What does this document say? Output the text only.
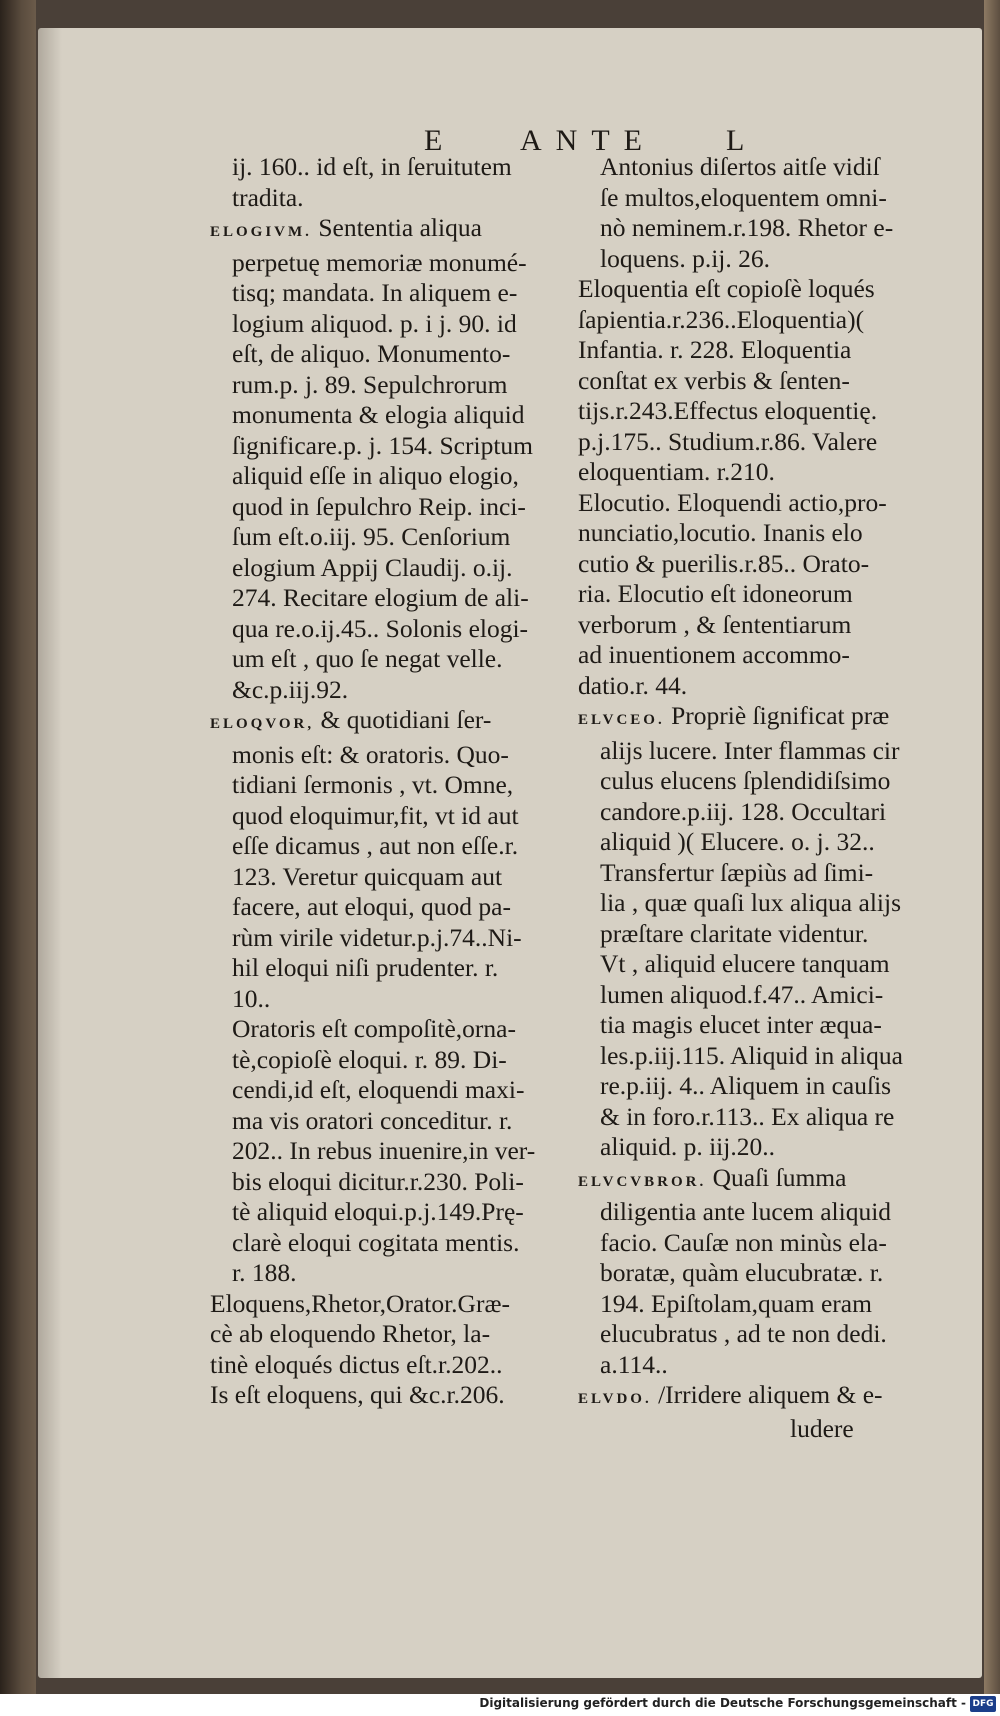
E	ANTE L
ij. 160.. id eſt, in ſeruitutem
tradita.
ELOGIVM. Sententia aliqua
perpetuę memoriæ monumé-
tisq; mandata. In aliquem e-
logium aliquod. p. i j. 90. id
eſt, de aliquo. Monumento-
rum.p. j. 89. Sepulchrorum
monumenta & elogia aliquid
ſignificare.p. j. 154. Scriptum
aliquid eſſe in aliquo elogio,
quod in ſepulchro Reip. inci-
ſum eſt.o.iij. 95. Cenſorium
elogium Appij Claudij. o.ij.
274. Recitare elogium de ali-
qua re.o.ij.45.. Solonis elogi-
um eſt , quo ſe negat velle.
&c.p.iij.92.
ELOQVOR, & quotidiani ſer-
monis eſt: & oratoris. Quo-
tidiani ſermonis , vt. Omne,
quod eloquimur,fit, vt id aut
eſſe dicamus , aut non eſſe.r.
123. Veretur quicquam aut
facere, aut eloqui, quod pa-
rùm virile videtur.p.j.74..Ni-
hil eloqui niſi prudenter. r.
10..
Oratoris eſt compoſitè,orna-
tè,copioſè eloqui. r. 89. Di-
cendi,id eſt, eloquendi maxi-
ma vis oratori conceditur. r.
202.. In rebus inuenire,in ver-
bis eloqui dicitur.r.230. Poli-
tè aliquid eloqui.p.j.149.Prę-
clarè eloqui cogitata mentis.
r. 188.
Eloquens,Rhetor,Orator.Græ-
cè ab eloquendo Rhetor, la-
tinè eloqués dictus eſt.r.202..
Is eſt eloquens, qui &c.r.206.
Antonius diſertos aitſe vidiſ
ſe multos,eloquentem omni-
nò neminem.r.198. Rhetor e-
loquens. p.ij. 26.
Eloquentia eſt copioſè loqués
ſapientia.r.236..Eloquentia)(
Infantia. r. 228. Eloquentia
conſtat ex verbis & ſenten-
tijs.r.243.Effectus eloquentię.
p.j.175.. Studium.r.86. Valere
eloquentiam. r.210.
Elocutio. Eloquendi actio,pro-
nunciatio,locutio. Inanis elo
cutio & puerilis.r.85.. Orato-
ria. Elocutio eſt idoneorum
verborum , & ſententiarum
ad inuentionem accommo-
datio.r. 44.
ELVCEO. Propriè ſignificat præ
alijs lucere. Inter flammas cir
culus elucens ſplendidiſsimo
candore.p.iij. 128. Occultari
aliquid )( Elucere. o. j. 32..
Transfertur ſæpiùs ad ſimi-
lia , quæ quaſi lux aliqua alijs
præſtare claritate videntur.
Vt , aliquid elucere tanquam
lumen aliquod.f.47.. Amici-
tia magis elucet inter æqua-
les.p.iij.115. Aliquid in aliqua
re.p.iij. 4.. Aliquem in cauſis
& in foro.r.113.. Ex aliqua re
aliquid. p. iij.20..
ELVCVBROR. Quaſi ſumma
diligentia ante lucem aliquid
facio. Cauſæ non minùs ela-
boratæ, quàm elucubratæ. r.
194. Epiſtolam,quam eram
elucubratus , ad te non dedi.
a.114..
ELVDO. /Irridere aliquem & e-
ludere
Digitalisierung gefördert durch die Deutsche Forschungsgemeinschaft - DFG
